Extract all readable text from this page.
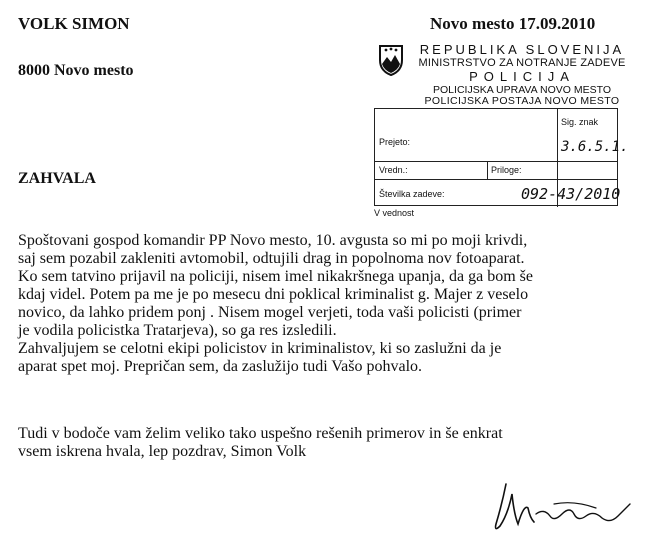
VOLK SIMON
8000 Novo mesto
Novo mesto 17.09.2010
REPUBLIKA SLOVENIJA
MINISTRSTVO ZA NOTRANJE ZADEVE
POLICIJA
POLICIJSKA UPRAVA NOVO MESTO
POLICIJSKA POSTAJA NOVO MESTO
Prejeto:
Sig. znak
3.6.5.1.
Vredn.:	Priloge:
Številka zadeve:	092-43/2010
V vednost
ZAHVALA
Spoštovani gospod komandir PP Novo mesto, 10. avgusta so mi po moji krivdi,
saj sem pozabil zakleniti avtomobil, odtujili drag in popolnoma nov fotoaparat.
Ko sem tatvino prijavil na policiji, nisem imel nikakršnega upanja, da ga bom še
kdaj videl. Potem pa me je po mesecu dni poklical kriminalist g. Majer z veselo
novico, da lahko pridem ponj . Nisem mogel verjeti, toda vaši policisti (primer
je vodila policistka Tratarjeva), so ga res izsledili.
Zahvaljujem se celotni ekipi policistov in kriminalistov, ki so zaslužni da je
aparat spet moj. Prepričan sem, da zaslužijo tudi Vašo pohvalo.
Tudi v bodoče vam želim veliko tako uspešno rešenih primerov in še enkrat
vsem iskrena hvala, lep pozdrav, Simon Volk
